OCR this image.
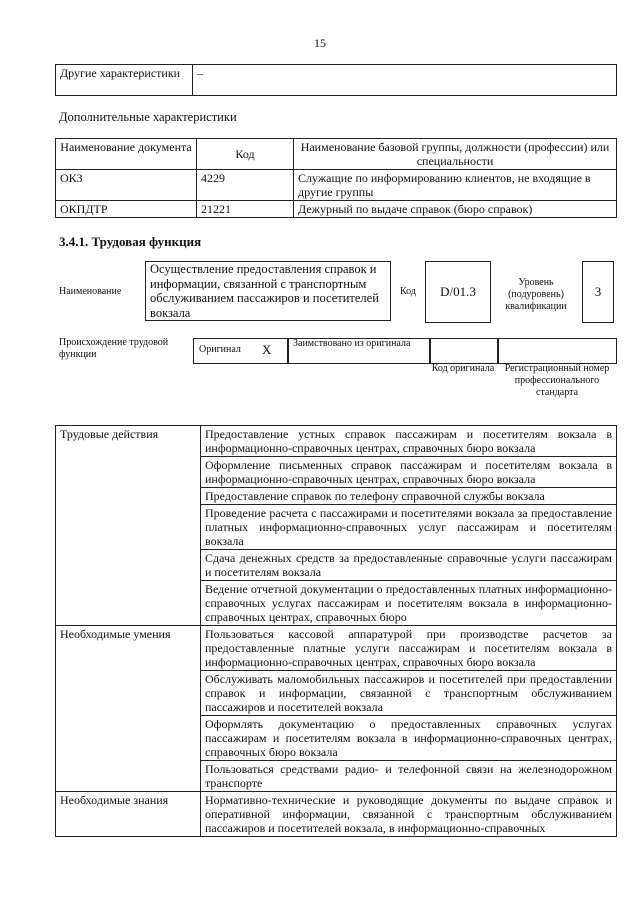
15
Другие характеристики	–
Дополнительные характеристики
Наименование документа	Код	Наименование базовой группы, должности (профессии) или специальности
ОКЗ	4229	Служащие по информированию клиентов, не входящие в другие группы
ОКПДТР	21221	Дежурный по выдаче справок (бюро справок)
3.4.1. Трудовая функция
Наименование
Осуществление предоставления справок и информации, связанной с транспортным обслуживанием пассажиров и посетителей вокзала
Код	D/01.3
Уровень (подуровень) квалификации
3
Происхождение трудовой функции	Оригинал X Заимствовано из оригинала
Код оригинала	Регистрационный номер профессионального стандарта
Трудовые действия	Предоставление устных справок пассажирам и посетителям вокзала в информационно-справочных центрах, справочных бюро вокзала
	Оформление письменных справок пассажирам и посетителям вокзала в информационно-справочных центрах, справочных бюро вокзала
	Предоставление справок по телефону справочной службы вокзала
	Проведение расчета с пассажирами и посетителями вокзала за предоставление платных информационно-справочных услуг пассажирам и посетителям вокзала
	Сдача денежных средств за предоставленные справочные услуги пассажирам и посетителям вокзала
	Ведение отчетной документации о предоставленных платных информационно-справочных услугах пассажирам и посетителям вокзала в информационно-справочных центрах, справочных бюро
Необходимые умения	Пользоваться кассовой аппаратурой при производстве расчетов за предоставленные платные услуги пассажирам и посетителям вокзала в информационно-справочных центрах, справочных бюро вокзала
	Обслуживать маломобильных пассажиров и посетителей при предоставлении справок и информации, связанной с транспортным обслуживанием пассажиров и посетителей вокзала
	Оформлять документацию о предоставленных справочных услугах пассажирам и посетителям вокзала в информационно-справочных центрах, справочных бюро вокзала
	Пользоваться средствами радио- и телефонной связи на железнодорожном транспорте
Необходимые знания	Нормативно-технические и руководящие документы по выдаче справок и оперативной информации, связанной с транспортным обслуживанием пассажиров и посетителей вокзала, в информационно-справочных
